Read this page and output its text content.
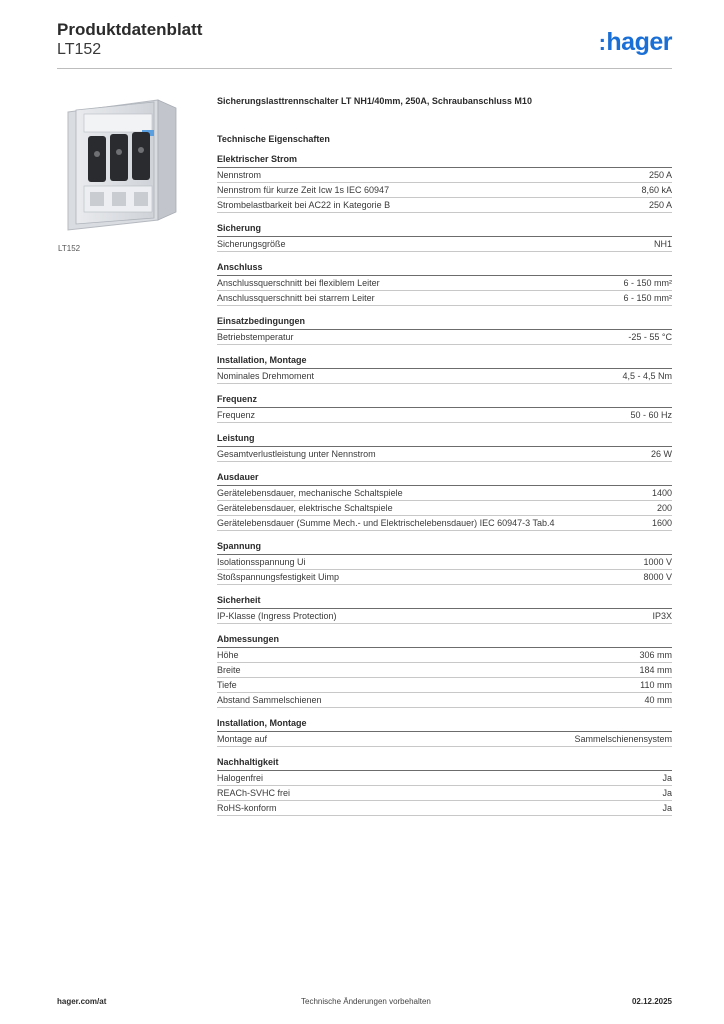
Produktdatenblatt
LT152	:hager
LT152
Sicherungslasttrennschalter LT NH1/40mm, 250A, Schraubanschluss M10
Technische Eigenschaften
Elektrischer Strom
Nennstrom	250 A
Nennstrom für kurze Zeit Icw 1s IEC 60947	8,60 kA
Strombelastbarkeit bei AC22 in Kategorie B	250 A
Sicherung
Sicherungsgröße	NH1
Anschluss
Anschlussquerschnitt bei flexiblem Leiter	6 - 150 mm²
Anschlussquerschnitt bei starrem Leiter	6 - 150 mm²
Einsatzbedingungen
Betriebstemperatur	-25 - 55 °C
Installation, Montage
Nominales Drehmoment	4,5 - 4,5 Nm
Frequenz
Frequenz	50 - 60 Hz
Leistung
Gesamtverlustleistung unter Nennstrom	26 W
Ausdauer
Gerätelebensdauer, mechanische Schaltspiele	1400
Gerätelebensdauer, elektrische Schaltspiele	200
Gerätelebensdauer (Summe Mech.- und Elektrischelebensdauer) IEC 60947-3 Tab.4	1600
Spannung
Isolationsspannung Ui	1000 V
Stoßspannungsfestigkeit Uimp	8000 V
Sicherheit
IP-Klasse (Ingress Protection)	IP3X
Abmessungen
Höhe	306 mm
Breite	184 mm
Tiefe	110 mm
Abstand Sammelschienen	40 mm
Installation, Montage
Montage auf	Sammelschienensystem
Nachhaltigkeit
Halogenfrei	Ja
REACh-SVHC frei	Ja
RoHS-konform	Ja
hager.com/at	Technische Änderungen vorbehalten	02.12.2025
